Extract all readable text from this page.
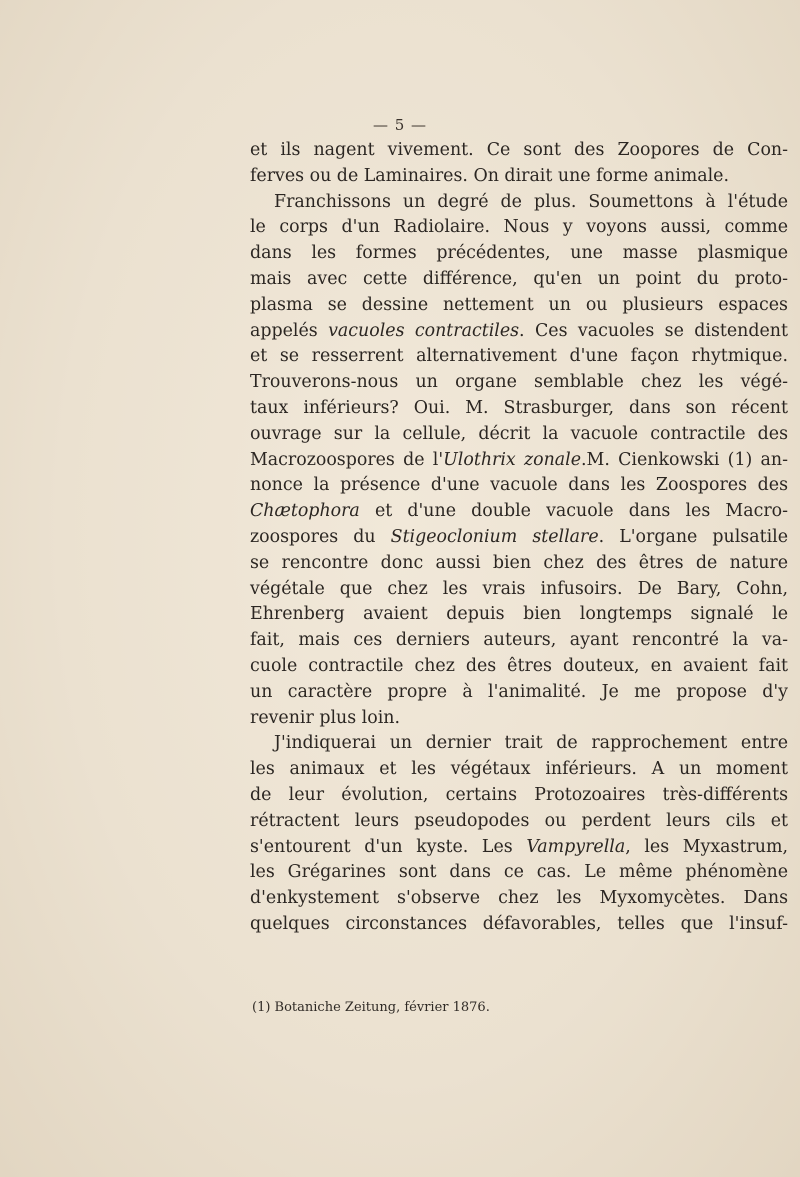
— 5 —
et ils nagent vivement. Ce sont des Zoopores de Con-
ferves ou de Laminaires. On dirait une forme animale.
Franchissons un degré de plus. Soumettons à l'étude
le corps d'un Radiolaire. Nous y voyons aussi, comme
dans les formes précédentes, une masse plasmique
mais avec cette différence, qu'en un point du proto-
plasma se dessine nettement un ou plusieurs espaces
appelés vacuoles contractiles. Ces vacuoles se distendent
et se resserrent alternativement d'une façon rhytmique.
Trouverons-nous un organe semblable chez les végé-
taux inférieurs? Oui. M. Strasburger, dans son récent
ouvrage sur la cellule, décrit la vacuole contractile des
Macrozoospores de l'Ulothrix zonale.M. Cienkowski (1) an-
nonce la présence d'une vacuole dans les Zoospores des
Chætophora et d'une double vacuole dans les Macro-
zoospores du Stigeoclonium stellare. L'organe pulsatile
se rencontre donc aussi bien chez des êtres de nature
végétale que chez les vrais infusoirs. De Bary, Cohn,
Ehrenberg avaient depuis bien longtemps signalé le
fait, mais ces derniers auteurs, ayant rencontré la va-
cuole contractile chez des êtres douteux, en avaient fait
un caractère propre à l'animalité. Je me propose d'y
revenir plus loin.
J'indiquerai un dernier trait de rapprochement entre
les animaux et les végétaux inférieurs. A un moment
de leur évolution, certains Protozoaires très-différents
rétractent leurs pseudopodes ou perdent leurs cils et
s'entourent d'un kyste. Les Vampyrella, les Myxastrum,
les Grégarines sont dans ce cas. Le même phénomène
d'enkystement s'observe chez les Myxomycètes. Dans
quelques circonstances défavorables, telles que l'insuf-
(1) Botaniche Zeitung, février 1876.
